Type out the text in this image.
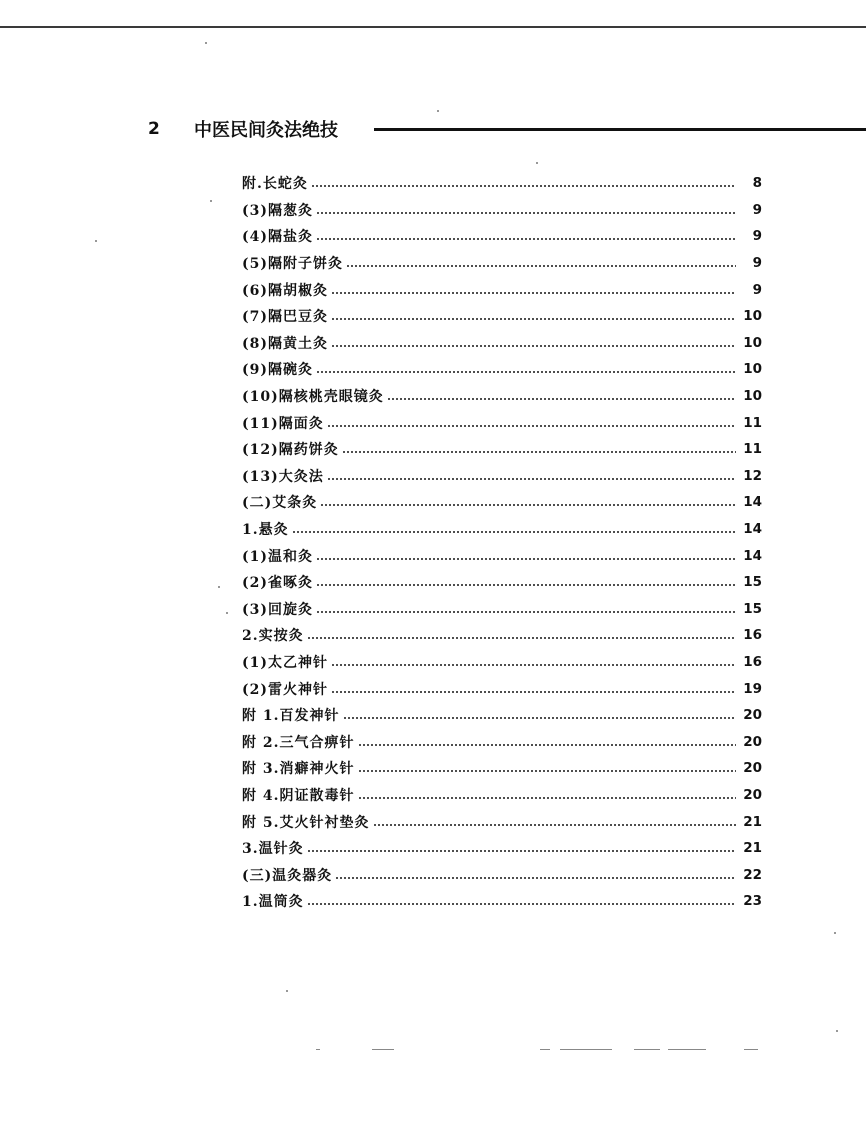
2	中医民间灸法绝技
附.长蛇灸	8
(3)隔葱灸	9
(4)隔盐灸	9
(5)隔附子饼灸	9
(6)隔胡椒灸	9
(7)隔巴豆灸	10
(8)隔黄土灸	10
(9)隔碗灸	10
(10)隔核桃壳眼镜灸	10
(11)隔面灸	11
(12)隔药饼灸	11
(13)大灸法	12
(二)艾条灸	14
1.悬灸	14
(1)温和灸	14
(2)雀啄灸	15
(3)回旋灸	15
2.实按灸	16
(1)太乙神针	16
(2)雷火神针	19
附 1.百发神针	20
附 2.三气合痹针	20
附 3.消癖神火针	20
附 4.阴证散毒针	20
附 5.艾火针衬垫灸	21
3.温针灸	21
(三)温灸器灸	22
1.温筒灸	23
